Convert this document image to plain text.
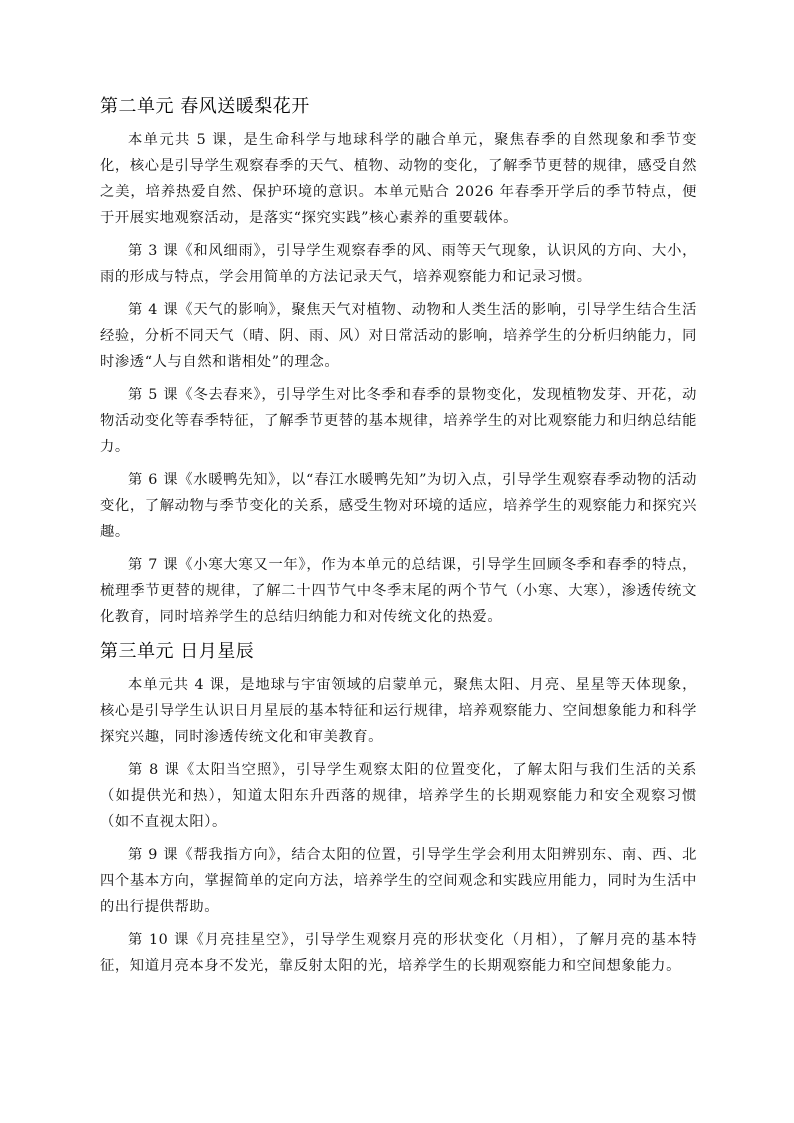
第二单元 春风送暖梨花开

本单元共 5 课，是生命科学与地球科学的融合单元，聚焦春季的自然现象和季节变化，核心是引导学生观察春季的天气、植物、动物的变化，了解季节更替的规律，感受自然之美，培养热爱自然、保护环境的意识。本单元贴合 2026 年春季开学后的季节特点，便于开展实地观察活动，是落实“探究实践”核心素养的重要载体。

第 3 课《和风细雨》，引导学生观察春季的风、雨等天气现象，认识风的方向、大小，雨的形成与特点，学会用简单的方法记录天气，培养观察能力和记录习惯。

第 4 课《天气的影响》，聚焦天气对植物、动物和人类生活的影响，引导学生结合生活经验，分析不同天气（晴、阴、雨、风）对日常活动的影响，培养学生的分析归纳能力，同时渗透“人与自然和谐相处”的理念。

第 5 课《冬去春来》，引导学生对比冬季和春季的景物变化，发现植物发芽、开花，动物活动变化等春季特征，了解季节更替的基本规律，培养学生的对比观察能力和归纳总结能力。

第 6 课《水暖鸭先知》，以“春江水暖鸭先知”为切入点，引导学生观察春季动物的活动变化，了解动物与季节变化的关系，感受生物对环境的适应，培养学生的观察能力和探究兴趣。

第 7 课《小寒大寒又一年》，作为本单元的总结课，引导学生回顾冬季和春季的特点，梳理季节更替的规律，了解二十四节气中冬季末尾的两个节气（小寒、大寒），渗透传统文化教育，同时培养学生的总结归纳能力和对传统文化的热爱。

第三单元 日月星辰

本单元共 4 课，是地球与宇宙领域的启蒙单元，聚焦太阳、月亮、星星等天体现象，核心是引导学生认识日月星辰的基本特征和运行规律，培养观察能力、空间想象能力和科学探究兴趣，同时渗透传统文化和审美教育。

第 8 课《太阳当空照》，引导学生观察太阳的位置变化，了解太阳与我们生活的关系（如提供光和热），知道太阳东升西落的规律，培养学生的长期观察能力和安全观察习惯（如不直视太阳）。

第 9 课《帮我指方向》，结合太阳的位置，引导学生学会利用太阳辨别东、南、西、北四个基本方向，掌握简单的定向方法，培养学生的空间观念和实践应用能力，同时为生活中的出行提供帮助。

第 10 课《月亮挂星空》，引导学生观察月亮的形状变化（月相），了解月亮的基本特征，知道月亮本身不发光，靠反射太阳的光，培养学生的长期观察能力和空间想象能力。
